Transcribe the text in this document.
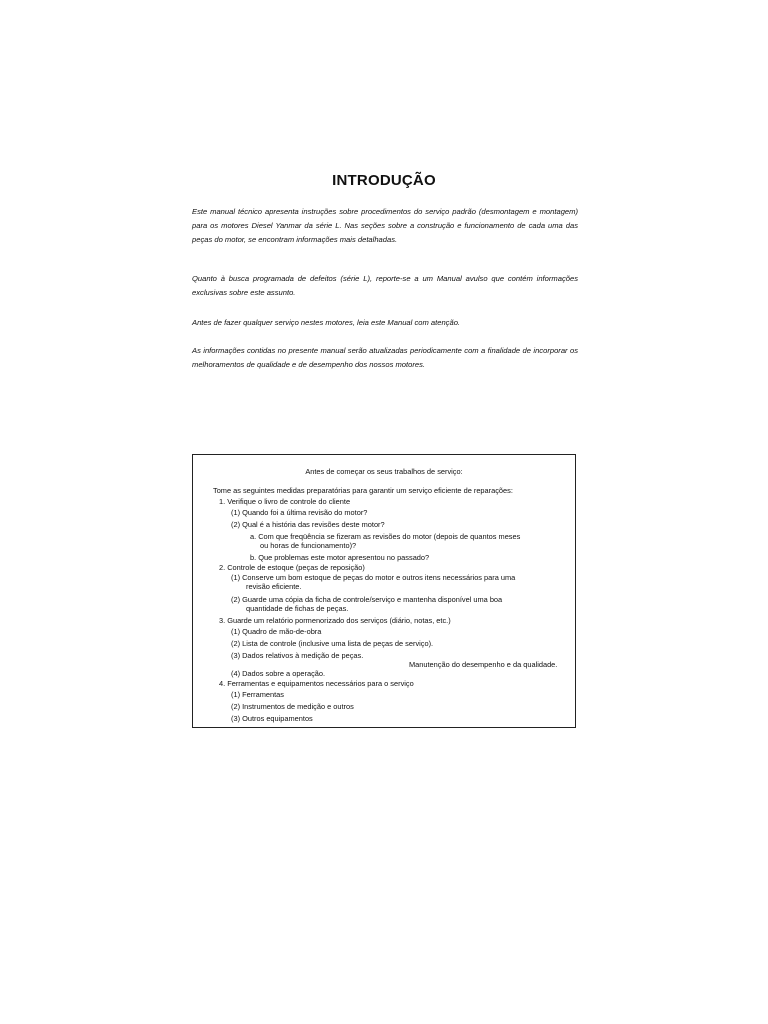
INTRODUÇÃO

Este manual técnico apresenta instruções sobre procedimentos do serviço padrão (desmontagem e montagem) para os motores Diesel Yanmar da série L. Nas seções sobre a construção e funcionamento de cada uma das peças do motor, se encontram informações mais detalhadas.

Quanto à busca programada de defeitos (série L), reporte-se a um Manual avulso que contém informações exclusivas sobre este assunto.

Antes de fazer qualquer serviço nestes motores, leia este Manual com atenção.

As informações contidas no presente manual serão atualizadas periodicamente com a finalidade de incorporar os melhoramentos de qualidade e de desempenho dos nossos motores.

Antes de começar os seus trabalhos de serviço:
Tome as seguintes medidas preparatórias para garantir um serviço eficiente de reparações:
1. Verifique o livro de controle do cliente
(1) Quando foi a última revisão do motor?
(2) Qual é a história das revisões deste motor?
a. Com que freqüência se fizeram as revisões do motor (depois de quantos meses
ou horas de funcionamento)?
b. Que problemas este motor apresentou no passado?
2. Controle de estoque (peças de reposição)
(1) Conserve um bom estoque de peças do motor e outros itens necessários para uma
revisão eficiente.
(2) Guarde uma cópia da ficha de controle/serviço e mantenha disponível uma boa
quantidade de fichas de peças.
3. Guarde um relatório pormenorizado dos serviços (diário, notas, etc.)
(1) Quadro de mão-de-obra
(2) Lista de controle (inclusive uma lista de peças de serviço).
(3) Dados relativos à medição de peças.
Manutenção do desempenho e da qualidade.
(4) Dados sobre a operação.
4. Ferramentas e equipamentos necessários para o serviço
(1) Ferramentas
(2) Instrumentos de medição e outros
(3) Outros equipamentos
